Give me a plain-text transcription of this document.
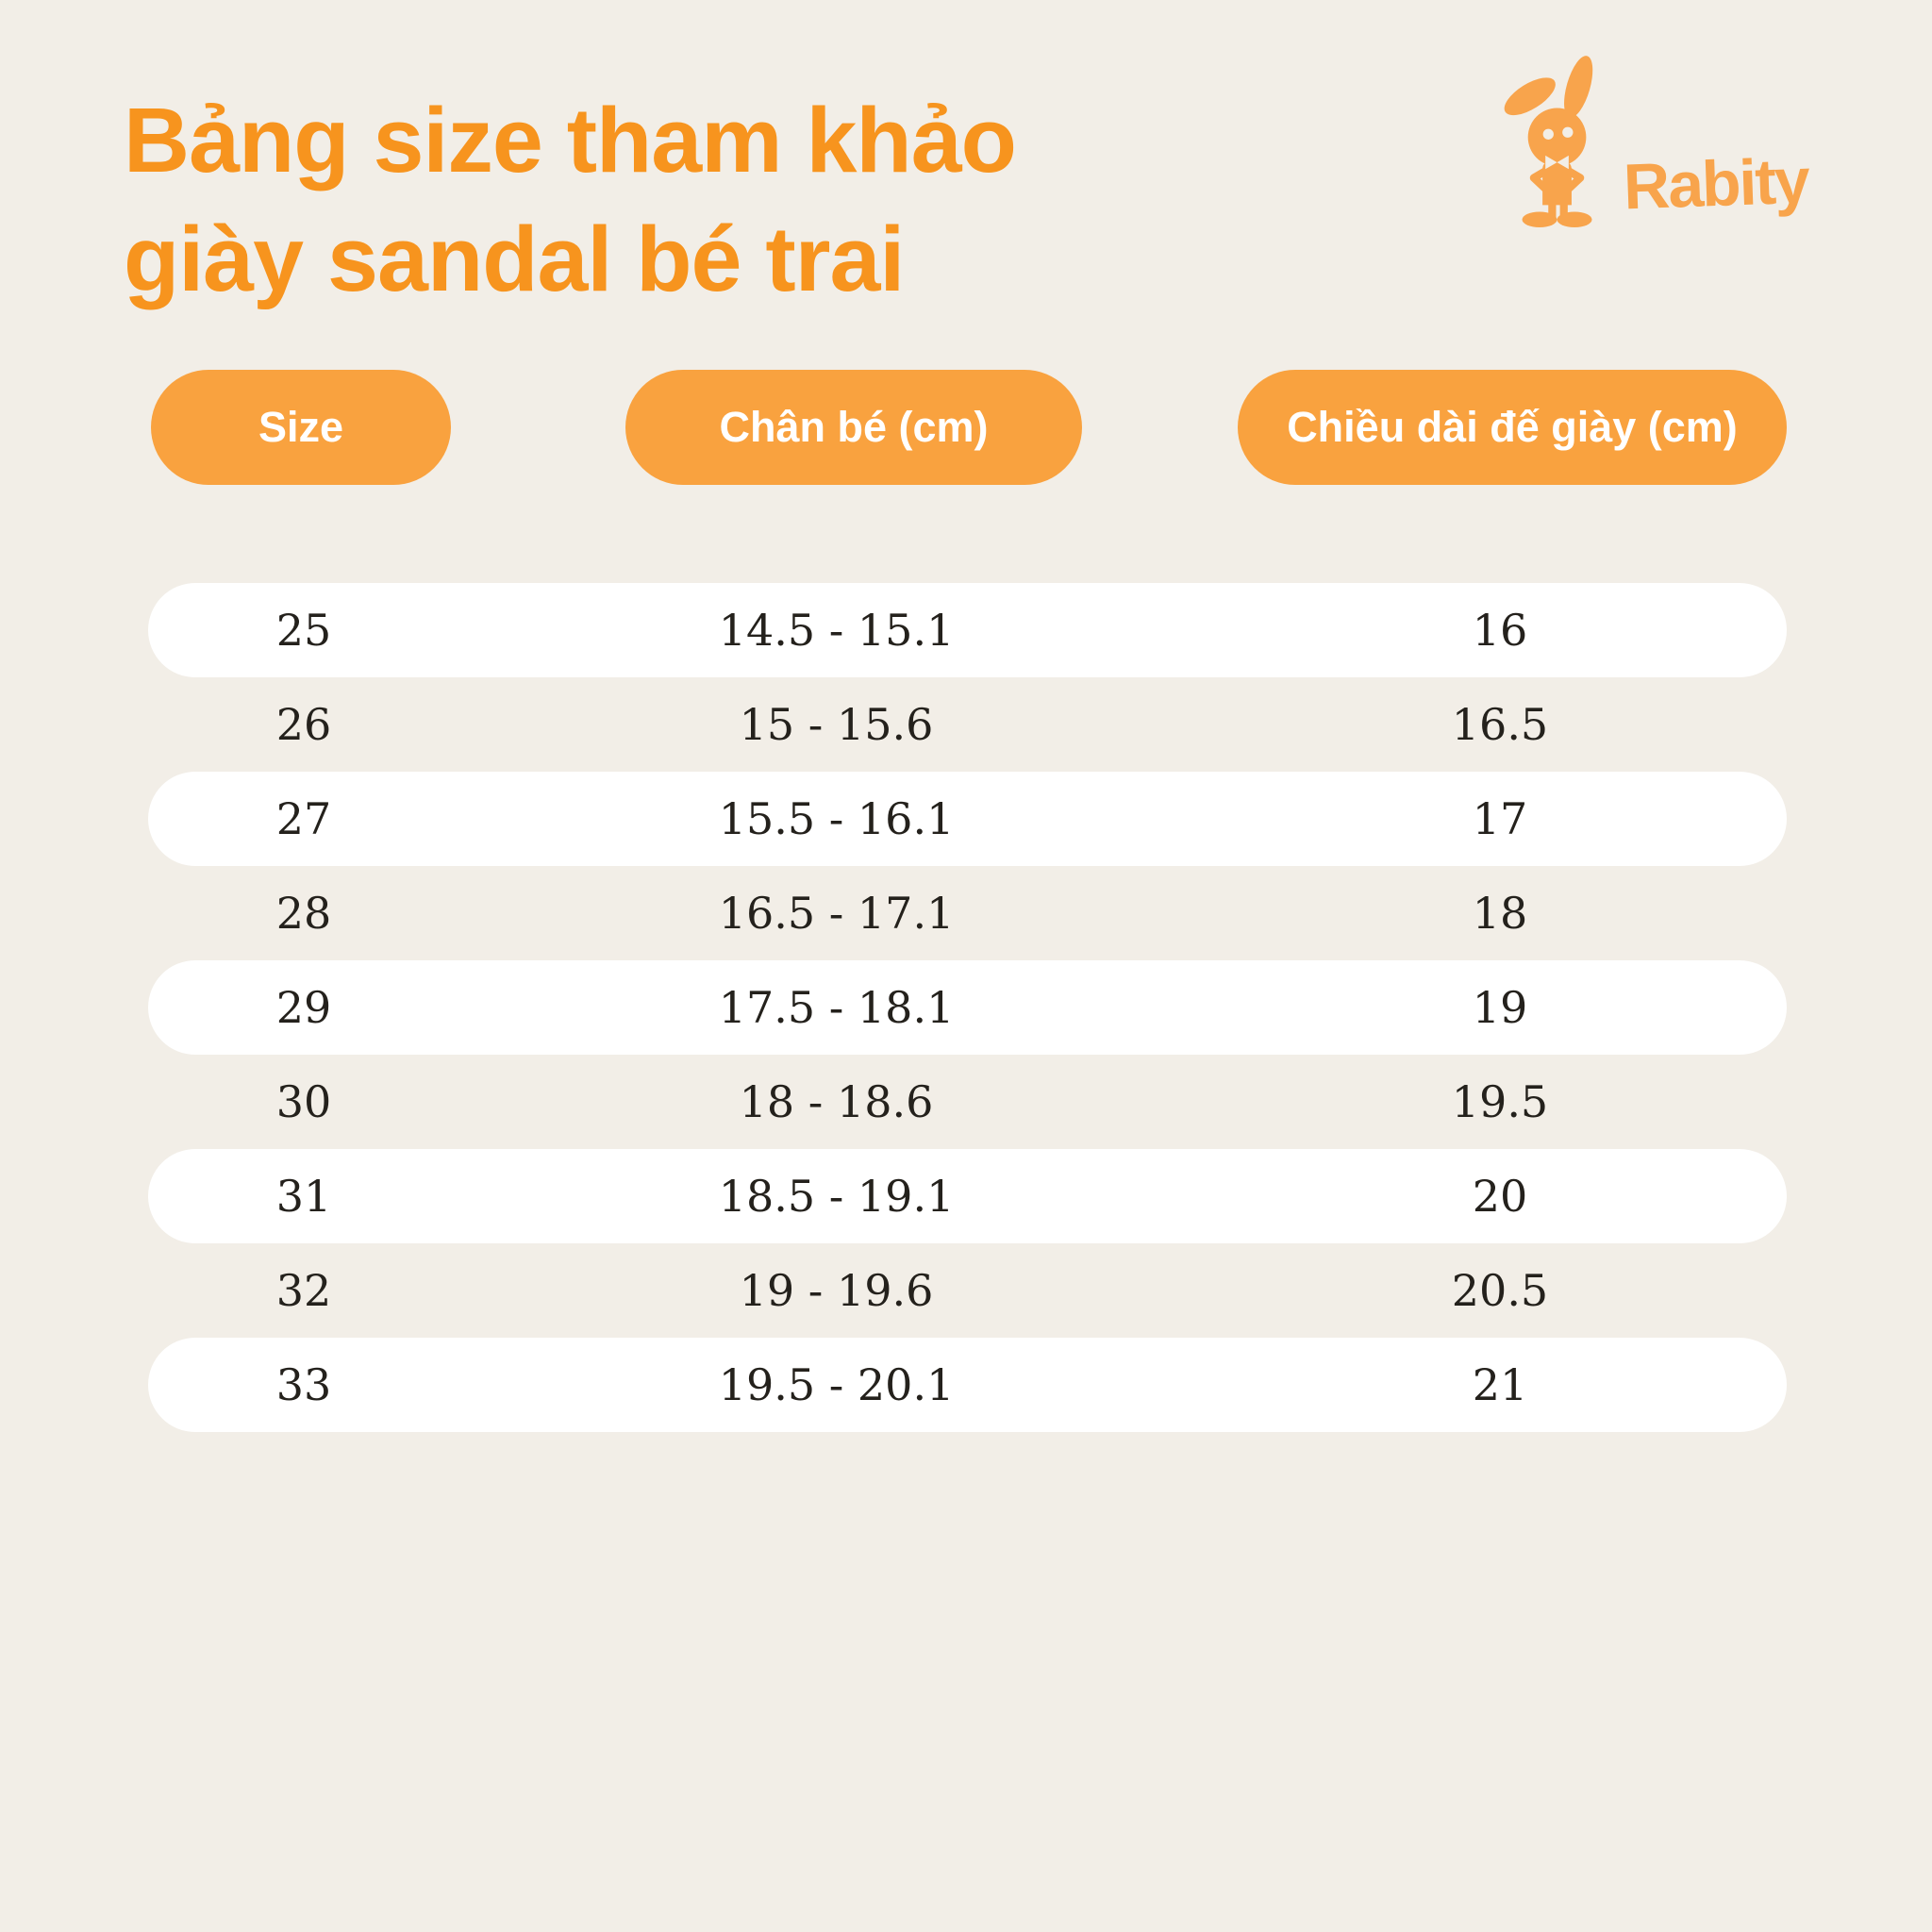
Bảng size tham khảo
giày sandal bé trai
Rabity
Size	Chân bé (cm)	Chiều dài đế giày (cm)
25	14.5 - 15.1	16
26	15 - 15.6	16.5
27	15.5 - 16.1	17
28	16.5 - 17.1	18
29	17.5 - 18.1	19
30	18 - 18.6	19.5
31	18.5 - 19.1	20
32	19 - 19.6	20.5
33	19.5 - 20.1	21
